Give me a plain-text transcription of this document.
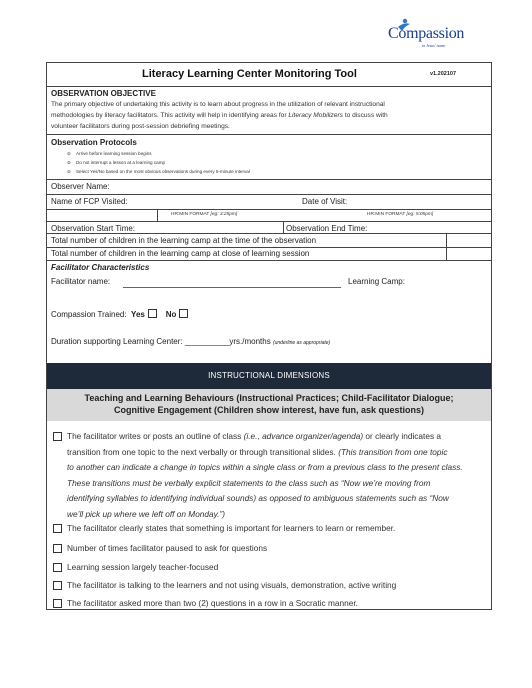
Compassion
in Jesus' name
Literacy Learning Center Monitoring Tool	v1.202107
OBSERVATION OBJECTIVE
The primary objective of undertaking this activity is to learn about progress in the utilization of relevant instructional
methodologies by literacy facilitators. This activity will help in identifying areas for Literacy Mobilizers to discuss with
volunteer facilitators during post-session debriefing meetings.
Observation Protocols
⊘    Arrive before learning session begins
⊘    Do not interrupt a lesson at a learning camp
⊘    Select Yes/No based on the most obvious observations during every 5-minute interval
Observer Name:
Name of FCP Visited:	Date of Visit:
HR:MIN FORMAT [eg: 3:25pm]	HR:MIN FORMAT [eg: 5:05pm]
Observation Start Time:	Observation End Time:
Total number of children in the learning camp at the time of the observation
Total number of children in the learning camp at close of learning session
Facilitator Characteristics
Facilitator name:	Learning Camp:
Compassion Trained: Yes	No
Duration supporting Learning Center: __________yrs./months (underline as appropriate)
INSTRUCTIONAL DIMENSIONS
Teaching and Learning Behaviours (Instructional Practices; Child-Facilitator Dialogue;
Cognitive Engagement (Children show interest, have fun, ask questions)
The facilitator writes or posts an outline of class (i.e., advance organizer/agenda) or clearly indicates a
transition from one topic to the next verbally or through transitional slides. (This transition from one topic
to another can indicate a change in topics within a single class or from a previous class to the present class.
These transitions must be verbally explicit statements to the class such as “Now we’re moving from
identifying syllables to identifying individual sounds) as opposed to ambiguous statements such as “Now
we’ll pick up where we left off on Monday.”)
The facilitator clearly states that something is important for learners to learn or remember.
Number of times facilitator paused to ask for questions
Learning session largely teacher-focused
The facilitator is talking to the learners and not using visuals, demonstration, active writing
The facilitator asked more than two (2) questions in a row in a Socratic manner.
